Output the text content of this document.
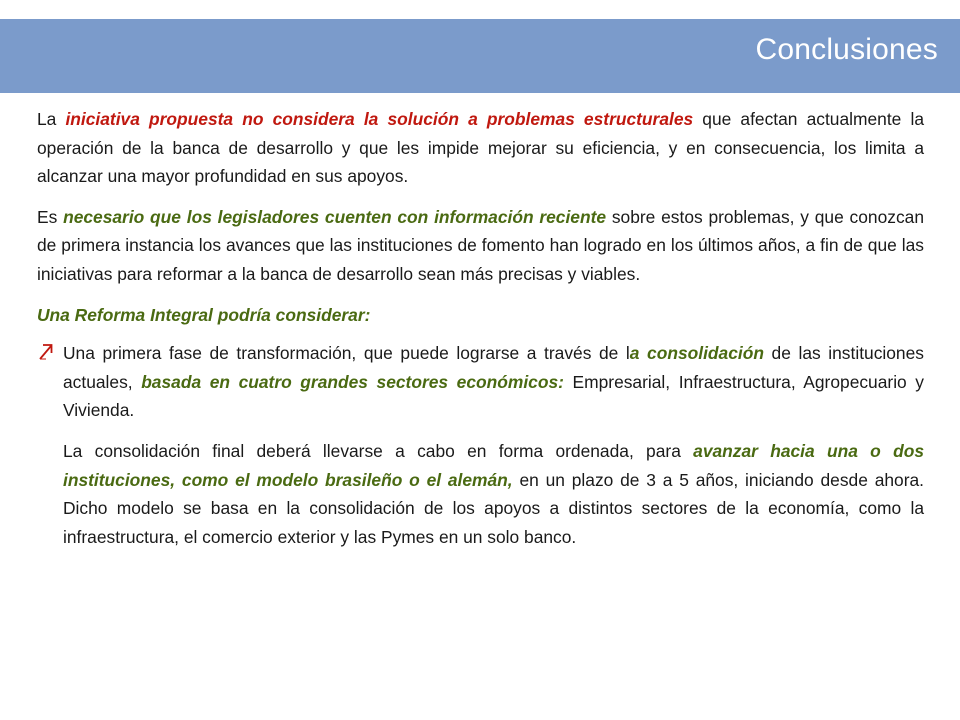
Conclusiones

La iniciativa propuesta no considera la solución a problemas estructurales que afectan actualmente la operación de la banca de desarrollo y que les impide mejorar su eficiencia, y en consecuencia, los limita a alcanzar una mayor profundidad en sus apoyos.

Es necesario que los legisladores cuenten con información reciente sobre estos problemas, y que conozcan de primera instancia los avances que las instituciones de fomento han logrado en los últimos años, a fin de que las iniciativas para reformar a la banca de desarrollo sean más precisas y viables.

Una Reforma Integral podría considerar:

Una primera fase de transformación, que puede lograrse a través de la consolidación de las instituciones actuales, basada en cuatro grandes sectores económicos: Empresarial, Infraestructura, Agropecuario y Vivienda.

La consolidación final deberá llevarse a cabo en forma ordenada, para avanzar hacia una o dos instituciones, como el modelo brasileño o el alemán, en un plazo de 3 a 5 años, iniciando desde ahora. Dicho modelo se basa en la consolidación de los apoyos a distintos sectores de la economía, como la infraestructura, el comercio exterior y las Pymes en un solo banco.
